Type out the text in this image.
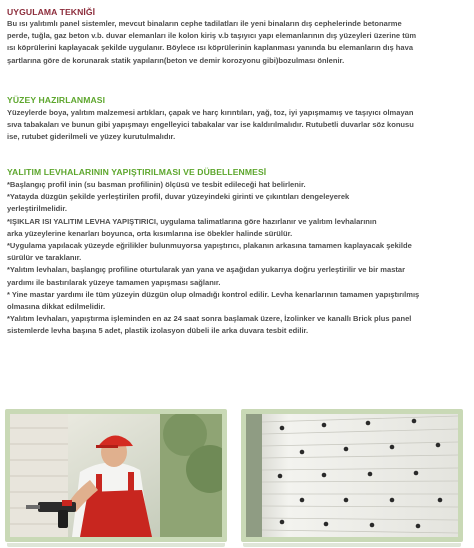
UYGULAMA TEKNİĞİ

Bu ısı yalıtımlı panel sistemler, mevcut binaların cephe tadilatları ile yeni binaların dış cephelerinde betonarme

perde, tuğla, gaz beton v.b. duvar elemanları ile kolon kiriş v.b taşıyıcı yapı elemanlarının dış yüzeyleri üzerine tüm

ısı köprülerini kaplayacak şekilde uygulanır. Böylece ısı köprülerinin kaplanması yanında bu elemanların dış hava

şartlarına göre de korunarak statik yapıların(beton ve demir korozyonu gibi)bozulması önlenir.

YÜZEY HAZIRLANMASI

Yüzeylerde boya, yalıtım malzemesi artıkları, çapak ve harç kırıntıları, yağ, toz, iyi yapışmamış ve taşıyıcı olmayan

sıva tabakaları ve bunun gibi yapışmayı engelleyici tabakalar var ise kaldırılmalıdır. Rutubetli duvarlar söz konusu

ise, rutubet giderilmeli ve yüzey kurutulmalıdır.

YALITIM LEVHALARININ YAPIŞTIRILMASI VE DÜBELLENMESİ

*Başlangıç profil inin (su basman profilinin) ölçüsü ve tesbit edileceği hat belirlenir.

*Yatayda düzgün şekilde yerleştirilen profil, duvar yüzeyindeki girinti ve çıkıntıları dengeleyerek

yerleştirilmelidir.

*IŞIKLAR ISI YALITIM LEVHA YAPIŞTIRICI, uygulama talimatlarına göre hazırlanır ve yalıtım levhalarının

arka yüzeylerine kenarları boyunca, orta kısımlarına ise öbekler halinde sürülür.

*Uygulama yapılacak yüzeyde eğrilikler bulunmuyorsa yapıştırıcı, plakanın arkasına tamamen kaplayacak şekilde

sürülür ve taraklanır.

*Yalıtım levhaları, başlangıç profiline oturtularak yan yana ve aşağıdan yukarıya doğru yerleştirilir ve bir mastar

yardımı ile bastırılarak yüzeye tamamen yapışması sağlanır.

* Yine mastar yardımı ile tüm yüzeyin düzgün olup olmadığı kontrol edilir. Levha kenarlarının tamamen yapıştırılmış

olmasına dikkat edilmelidir.

*Yalıtım levhaları, yapıştırma işleminden en az 24 saat sonra başlamak üzere, İzolinker ve kanallı Brick plus panel

sistemlerde levha başına 5 adet, plastik izolasyon dübeli ile arka duvara tesbit edilir.
